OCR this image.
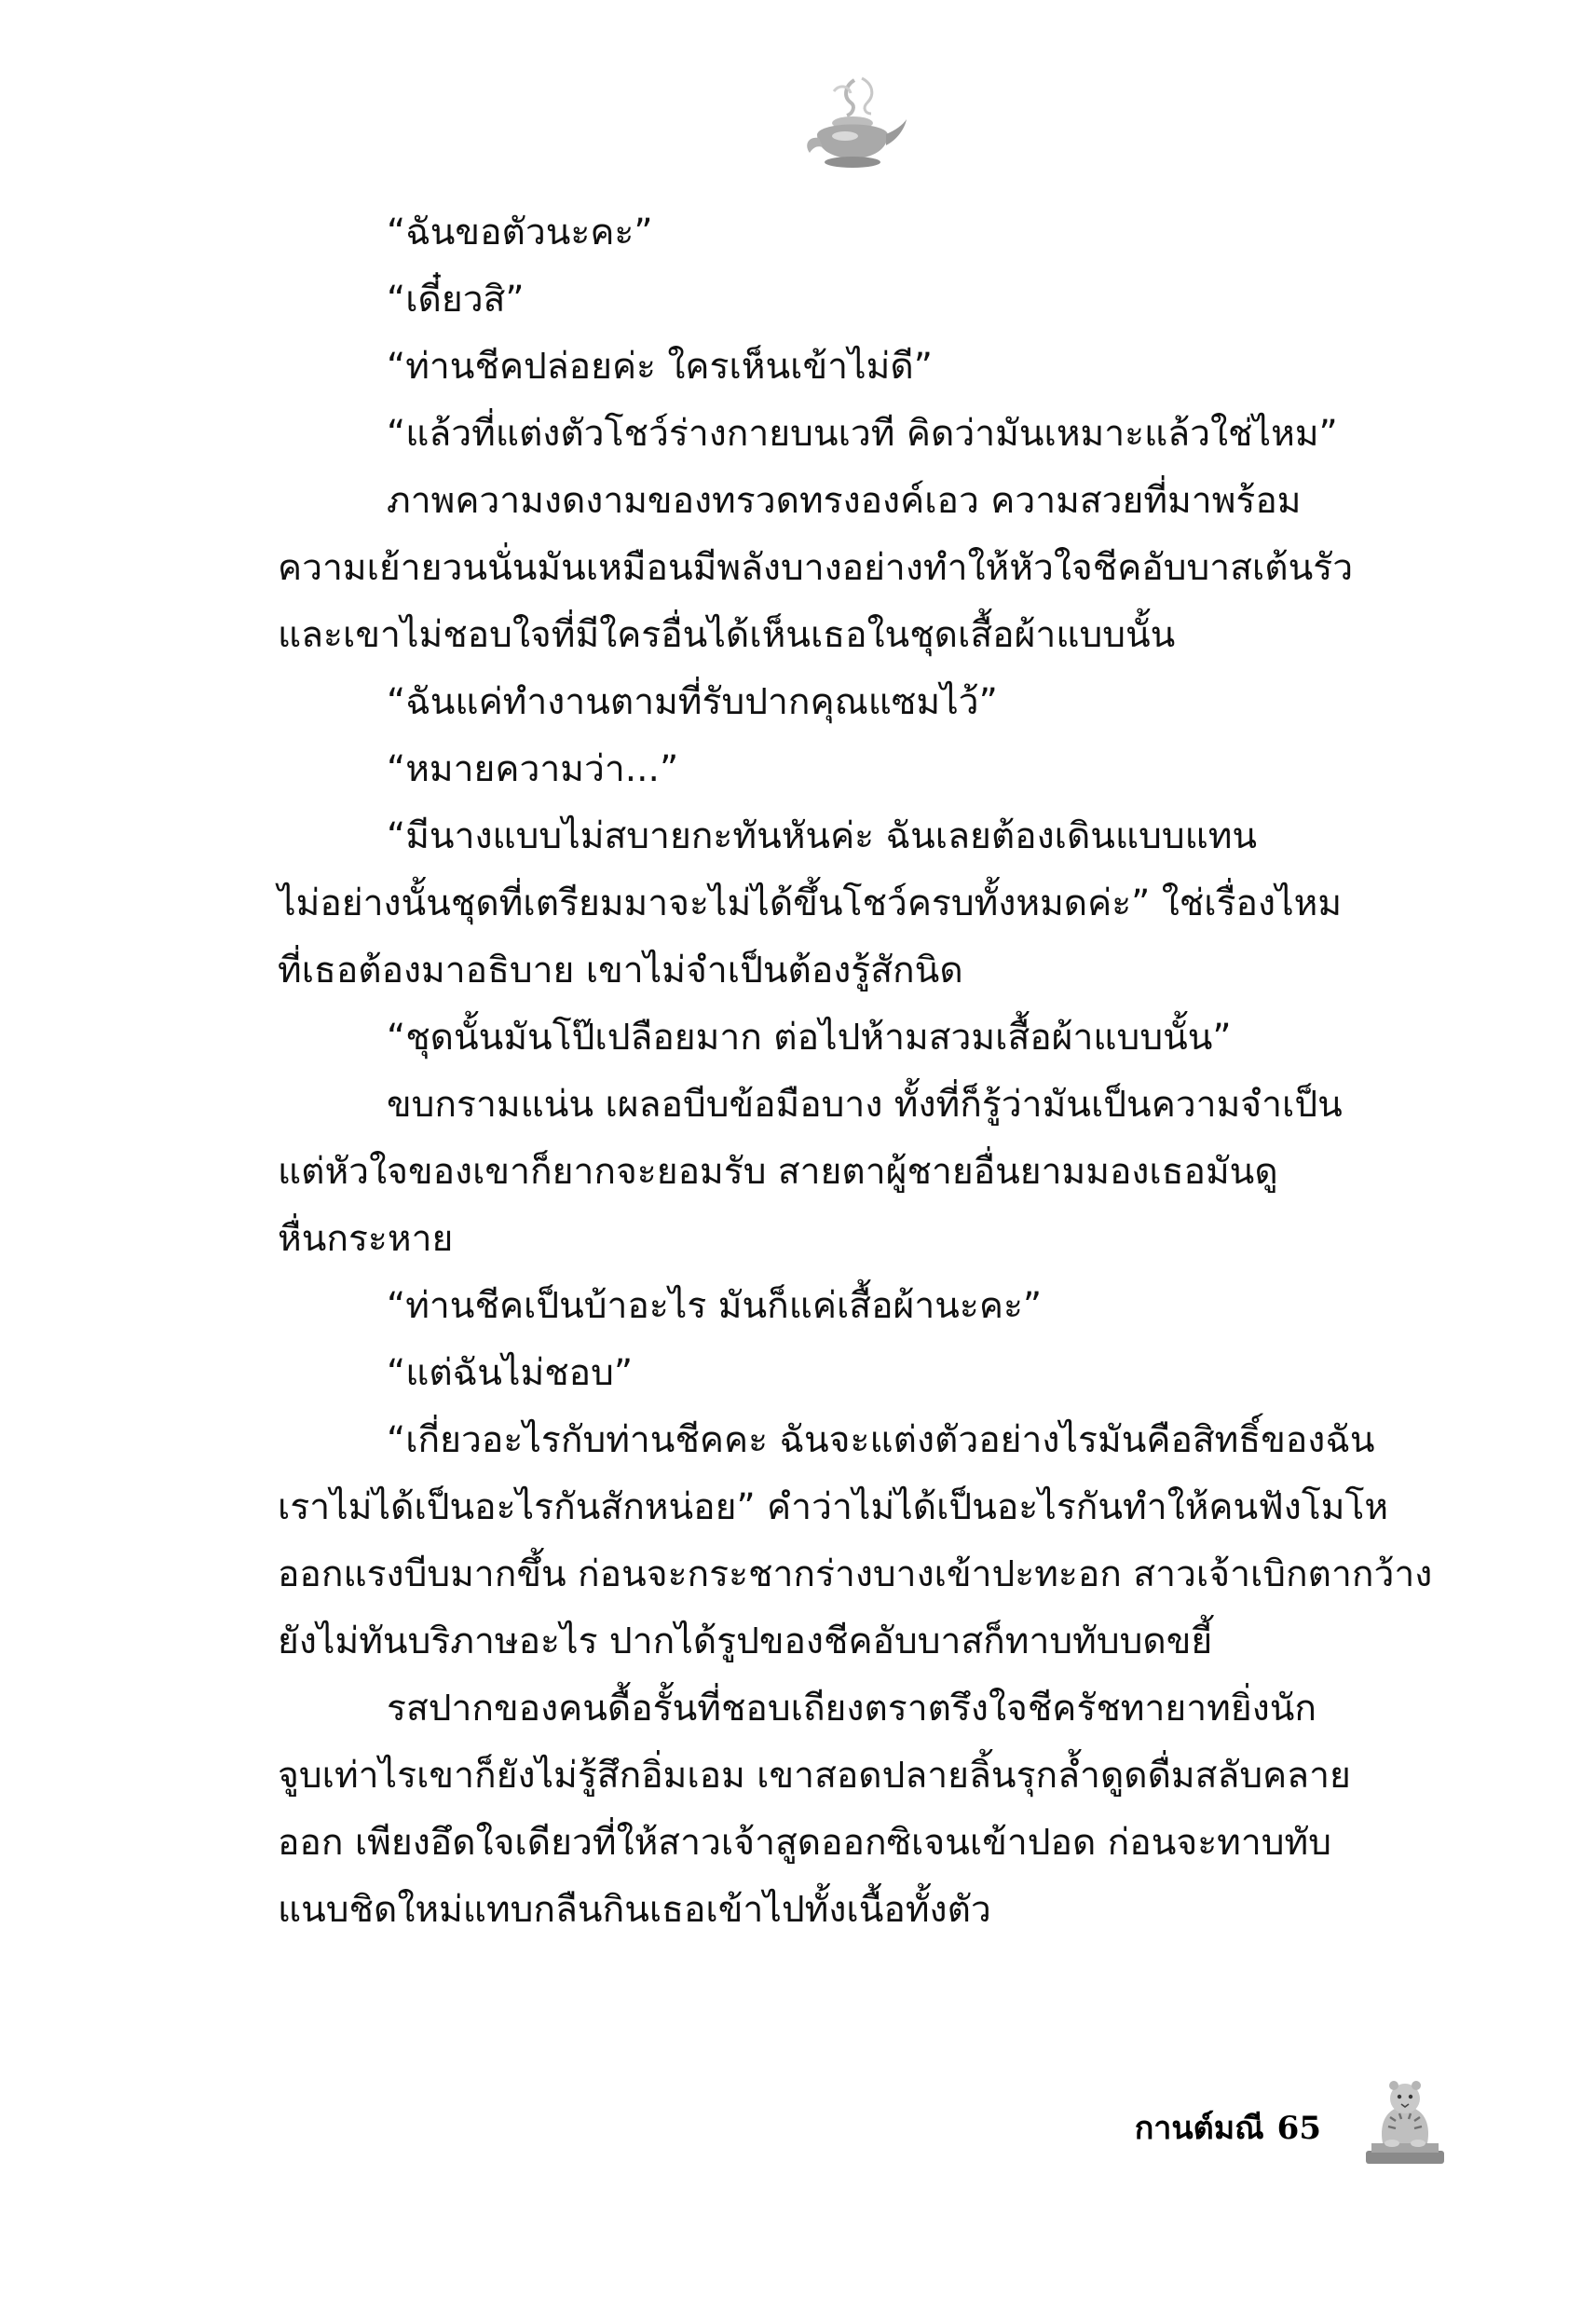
“ฉันขอตัวนะคะ”
“เดี๋ยวสิ”
“ท่านชีคปล่อยค่ะ ใครเห็นเข้าไม่ดี”
“แล้วที่แต่งตัวโชว์ร่างกายบนเวที คิดว่ามันเหมาะแล้วใช่ไหม”
ภาพความงดงามของทรวดทรงองค์เอว ความสวยที่มาพร้อม
ความเย้ายวนนั่นมันเหมือนมีพลังบางอย่างทำให้หัวใจชีคอับบาสเต้นรัว
และเขาไม่ชอบใจที่มีใครอื่นได้เห็นเธอในชุดเสื้อผ้าแบบนั้น
“ฉันแค่ทำงานตามที่รับปากคุณแซมไว้”
“หมายความว่า...”
“มีนางแบบไม่สบายกะทันหันค่ะ ฉันเลยต้องเดินแบบแทน
ไม่อย่างนั้นชุดที่เตรียมมาจะไม่ได้ขึ้นโชว์ครบทั้งหมดค่ะ” ใช่เรื่องไหม
ที่เธอต้องมาอธิบาย เขาไม่จำเป็นต้องรู้สักนิด
“ชุดนั้นมันโป๊เปลือยมาก ต่อไปห้ามสวมเสื้อผ้าแบบนั้น”
ขบกรามแน่น เผลอบีบข้อมือบาง ทั้งที่ก็รู้ว่ามันเป็นความจำเป็น
แต่หัวใจของเขาก็ยากจะยอมรับ สายตาผู้ชายอื่นยามมองเธอมันดู
หื่นกระหาย
“ท่านชีคเป็นบ้าอะไร มันก็แค่เสื้อผ้านะคะ”
“แต่ฉันไม่ชอบ”
“เกี่ยวอะไรกับท่านชีคคะ ฉันจะแต่งตัวอย่างไรมันคือสิทธิ์ของฉัน
เราไม่ได้เป็นอะไรกันสักหน่อย” คำว่าไม่ได้เป็นอะไรกันทำให้คนฟังโมโห
ออกแรงบีบมากขึ้น ก่อนจะกระชากร่างบางเข้าปะทะอก สาวเจ้าเบิกตากว้าง
ยังไม่ทันบริภาษอะไร ปากได้รูปของชีคอับบาสก็ทาบทับบดขยี้
รสปากของคนดื้อรั้นที่ชอบเถียงตราตรึงใจชีครัชทายาทยิ่งนัก
จูบเท่าไรเขาก็ยังไม่รู้สึกอิ่มเอม เขาสอดปลายลิ้นรุกล้ำดูดดื่มสลับคลาย
ออก เพียงอึดใจเดียวที่ให้สาวเจ้าสูดออกซิเจนเข้าปอด ก่อนจะทาบทับ
แนบชิดใหม่แทบกลืนกินเธอเข้าไปทั้งเนื้อทั้งตัว
กานต์มณี 65
